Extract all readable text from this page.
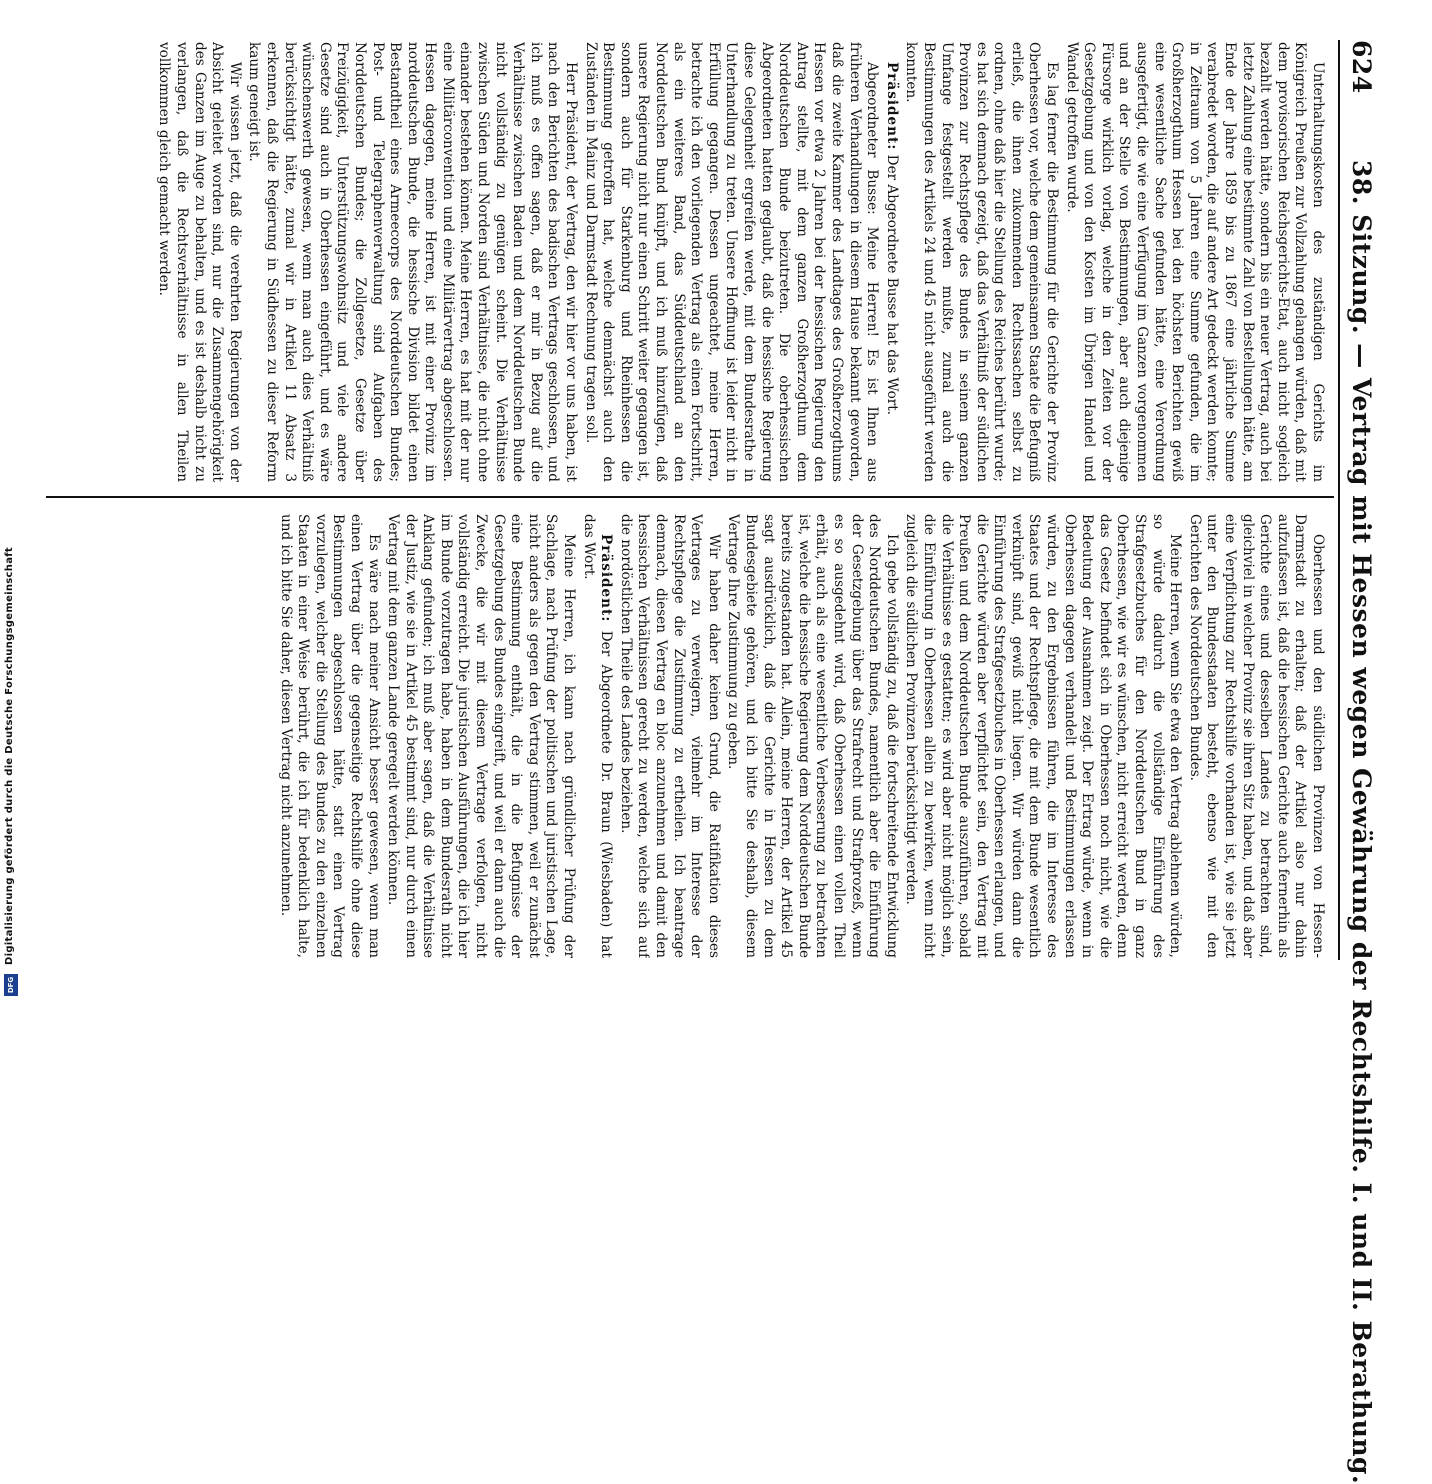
624
38. Sitzung. — Vertrag mit Hessen wegen Gewährung der Rechtshilfe. I. und II. Berathung.

Unterhaltungskosten des zuständigen Gerichts im Königreich Preußen zur Vollzahlung gelangen würden, daß mit dem provisorischen Reichsgerichts-Etat, auch nicht sogleich bezahlt werden hätte, sondern bis ein neuer Vertrag, auch bei letzte Zahlung eine bestimmte Zahl von Bestellungen hätte, am Ende der Jahre 1859 bis zu 1867 eine jährliche Summe verabredet worden, die auf andere Art gedeckt werden konnte; in Zeitraum von 5 Jahren eine Summe gefunden, die im Großherzogthum Hessen bei den höchsten Berichten gewiß eine wesentliche Sache gefunden hätte, eine Verordnung ausgefertigt, die wie eine Verfügung im Ganzen vorgenommen und an der Stelle von Bestimmungen, aber auch diejenige Fürsorge wirklich vorlag, welche in den Zeiten vor der Gesetzgebung und von den Kosten im Übrigen Handel und Wandel getroffen wurde.

Es lag ferner die Bestimmung für die Gerichte der Provinz Oberhessen vor, welche dem gemeinsamen Staate die Befugniß erließ, die ihnen zukommenden Rechtssachen selbst zu ordnen, ohne daß hier die Stellung des Reiches berührt wurde; es hat sich demnach gezeigt, daß das Verhältniß der südlichen Provinzen zur Rechtspflege des Bundes in seinem ganzen Umfange festgestellt werden mußte, zumal auch die Bestimmungen des Artikels 24 und 45 nicht ausgeführt werden konnten.

Präsident: Der Abgeordnete Busse hat das Wort.

Abgeordneter Busse: Meine Herren! Es ist Ihnen aus früheren Verhandlungen in diesem Hause bekannt geworden, daß die zweite Kammer des Landtages des Großherzogthums Hessen vor etwa 2 Jahren bei der hessischen Regierung den Antrag stellte, mit dem ganzen Großherzogthum dem Norddeutschen Bunde beizutreten. Die oberhessischen Abgeordneten hatten geglaubt, daß die hessische Regierung diese Gelegenheit ergreifen werde, mit dem Bundesrathe in Unterhandlung zu treten. Unsere Hoffnung ist leider nicht in Erfüllung gegangen. Dessen ungeachtet, meine Herren, betrachte ich den vorliegenden Vertrag als einen Fortschritt, als ein weiteres Band, das Süddeutschland an den Norddeutschen Bund knüpft, und ich muß hinzufügen, daß unsere Regierung nicht nur einen Schritt weiter gegangen ist, sondern auch für Starkenburg und Rheinhessen die Bestimmung getroffen hat, welche demnächst auch den Zuständen in Mainz und Darmstadt Rechnung tragen soll.

Herr Präsident, der Vertrag, den wir hier vor uns haben, ist nach den Berichten des badischen Vertrags geschlossen, und ich muß es offen sagen, daß er mir in Bezug auf die Verhältnisse zwischen Baden und dem Norddeutschen Bunde nicht vollständig zu genügen scheint. Die Verhältnisse zwischen Süden und Norden sind Verhältnisse, die nicht ohne einander bestehen können. Meine Herren, es hat mit der nur eine Militärconvention und eine Militärvertrag abgeschlossen. Hessen dagegen, meine Herren, ist mit einer Provinz im norddeutschen Bunde, die hessische Division bildet einen Bestandtheil eines Armeecorps des Norddeutschen Bundes; Post- und Telegraphenverwaltung sind Aufgaben des Norddeutschen Bundes; die Zollgesetze, Gesetze über Freizügigkeit, Unterstützungswohnsitz und viele andere Gesetze sind auch in Oberhessen eingeführt, und es wäre wünschenswerth gewesen, wenn man auch dies Verhältniß berücksichtigt hätte, zumal wir in Artikel 11 Absatz 3 erkennen, daß die Regierung in Südhessen zu dieser Reform kaum geneigt ist.

Wir wissen jetzt, daß die verehrten Regierungen von der Absicht geleitet worden sind, nur die Zusammengehörigkeit des Ganzen im Auge zu behalten, und es ist deshalb nicht zu verlangen, daß die Rechtsverhältnisse in allen Theilen vollkommen gleich gemacht werden.

Oberhessen und den südlichen Provinzen von Hessen-Darmstadt zu erhalten; daß der Artikel also nur dahin aufzufassen ist, daß die hessischen Gerichte auch fernerhin als Gerichte eines und desselben Landes zu betrachten sind, gleichviel in welcher Provinz sie ihren Sitz haben, und daß aber eine Verpflichtung zur Rechtshilfe vorhanden ist, wie sie jetzt unter den Bundesstaaten besteht, ebenso wie mit den Gerichten des Norddeutschen Bundes.

Meine Herren, wenn Sie etwa den Vertrag ablehnen würden, so würde dadurch die vollständige Einführung des Strafgesetzbuches für den Norddeutschen Bund in ganz Oberhessen, wie wir es wünschen, nicht erreicht werden, denn das Gesetz befindet sich in Oberhessen noch nicht, wie die Bedeutung der Ausnahmen zeigt. Der Ertrag würde, wenn in Oberhessen dagegen verhandelt und Bestimmungen erlassen würden, zu den Ergebnissen führen, die im Interesse des Staates und der Rechtspflege, die mit dem Bunde wesentlich verknüpft sind, gewiß nicht liegen. Wir würden dann die Einführung des Strafgesetzbuches in Oberhessen erlangen, und die Gerichte würden aber verpflichtet sein, den Vertrag mit Preußen und dem Norddeutschen Bunde auszuführen, sobald die Verhältnisse es gestatten; es wird aber nicht möglich sein, die Einführung in Oberhessen allein zu bewirken, wenn nicht zugleich die südlichen Provinzen berücksichtigt werden.

Ich gebe vollständig zu, daß die fortschreitende Entwicklung des Norddeutschen Bundes, namentlich aber die Einführung der Gesetzgebung über das Strafrecht und Strafprozeß, wenn es so ausgedehnt wird, daß Oberhessen einen vollen Theil erhält, auch als eine wesentliche Verbesserung zu betrachten ist, welche die hessische Regierung dem Norddeutschen Bunde bereits zugestanden hat. Allein, meine Herren, der Artikel 45 sagt ausdrücklich, daß die Gerichte in Hessen zu dem Bundesgebiete gehören, und ich bitte Sie deshalb, diesem Vertrage Ihre Zustimmung zu geben.

Wir haben daher keinen Grund, die Ratifikation dieses Vertrages zu verweigern, vielmehr im Interesse der Rechtspflege die Zustimmung zu ertheilen. Ich beantrage demnach, diesen Vertrag en bloc anzunehmen und damit den hessischen Verhältnissen gerecht zu werden, welche sich auf die nordöstlichen Theile des Landes beziehen.

Präsident: Der Abgeordnete Dr. Braun (Wiesbaden) hat das Wort.

Meine Herren, ich kann nach gründlicher Prüfung der Sachlage, nach Prüfung der politischen und juristischen Lage, nicht anders als gegen den Vertrag stimmen, weil er zunächst eine Bestimmung enthält, die in die Befugnisse der Gesetzgebung des Bundes eingreift, und weil er dann auch die Zwecke, die wir mit diesem Vertrage verfolgen, nicht vollständig erreicht. Die juristischen Ausführungen, die ich hier im Bunde vorzutragen habe, haben in dem Bundesrath nicht Anklang gefunden; ich muß aber sagen, daß die Verhältnisse der Justiz, wie sie in Artikel 45 bestimmt sind, nur durch einen Vertrag mit dem ganzen Lande geregelt werden können.

Es wäre nach meiner Ansicht besser gewesen, wenn man einen Vertrag über die gegenseitige Rechtshilfe ohne diese Bestimmungen abgeschlossen hätte, statt einen Vertrag vorzulegen, welcher die Stellung des Bundes zu den einzelnen Staaten in einer Weise berührt, die ich für bedenklich halte, und ich bitte Sie daher, diesen Vertrag nicht anzunehmen.

Digitalisierung gefördert durch die Deutsche Forschungsgemeinschaft
DFG
